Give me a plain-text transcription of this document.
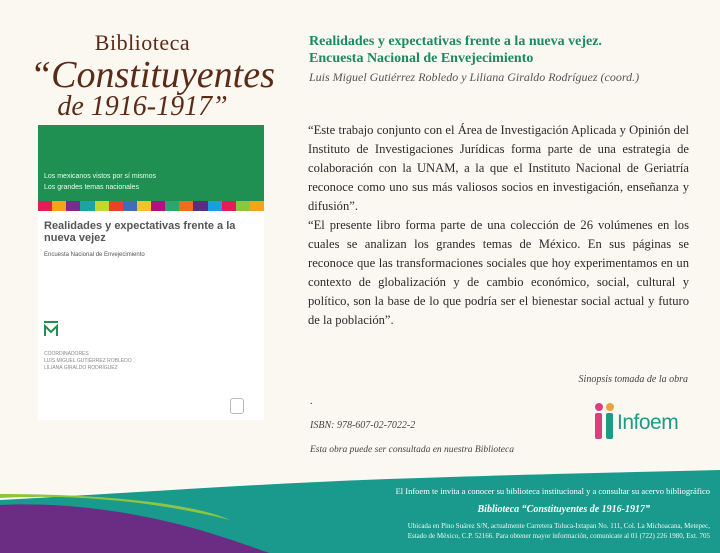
Biblioteca
“Constituyentes
de 1916-1917”
Los mexicanos vistos por sí mismos
Los grandes temas nacionales
Realidades y expectativas frente a la nueva vejez
Encuesta Nacional de Envejecimiento
COORDINADORES
LUIS MIGUEL GUTIÉRREZ ROBLEDO
LILIANA GIRALDO RODRÍGUEZ
Realidades y expectativas frente a la nueva vejez.
Encuesta Nacional de Envejecimiento
Luis Miguel Gutiérrez Robledo y Liliana Giraldo Rodríguez (coord.)

“Este trabajo conjunto con el Área de Investigación Aplicada y Opinión del Instituto de Investigaciones Jurídicas forma parte de una estrategia de colaboración con la UNAM, a la que el Instituto Nacional de Geriatría reconoce como uno sus más valiosos socios en investigación, enseñanza y difusión”.

“El presente libro forma parte de una colección de 26 volúmenes en los cuales se analizan los grandes temas de México. En sus páginas se reconoce que las transformaciones sociales que hoy experimentamos en un contexto de globalización y de cambio económico, social, cultural y político, son la base de lo que podría ser el bienestar social actual y futuro de la población”.

Sinopsis tomada de la obra
.
ISBN: 978-607-02-7022-2
Esta obra puede ser consultada en nuestra Biblioteca
Infoem
El Infoem te invita a conocer su biblioteca institucional y a consultar su acervo bibliográfico
Biblioteca “Constituyentes de 1916-1917”
Ubicada en Pino Suárez S/N, actualmente Carretera Toluca-Ixtapan No. 111, Col. La Michoacana, Metepec,
Estado de México, C.P. 52166. Para obtener mayor información, comunicate al 01 (722) 226 1980, Ext. 705
